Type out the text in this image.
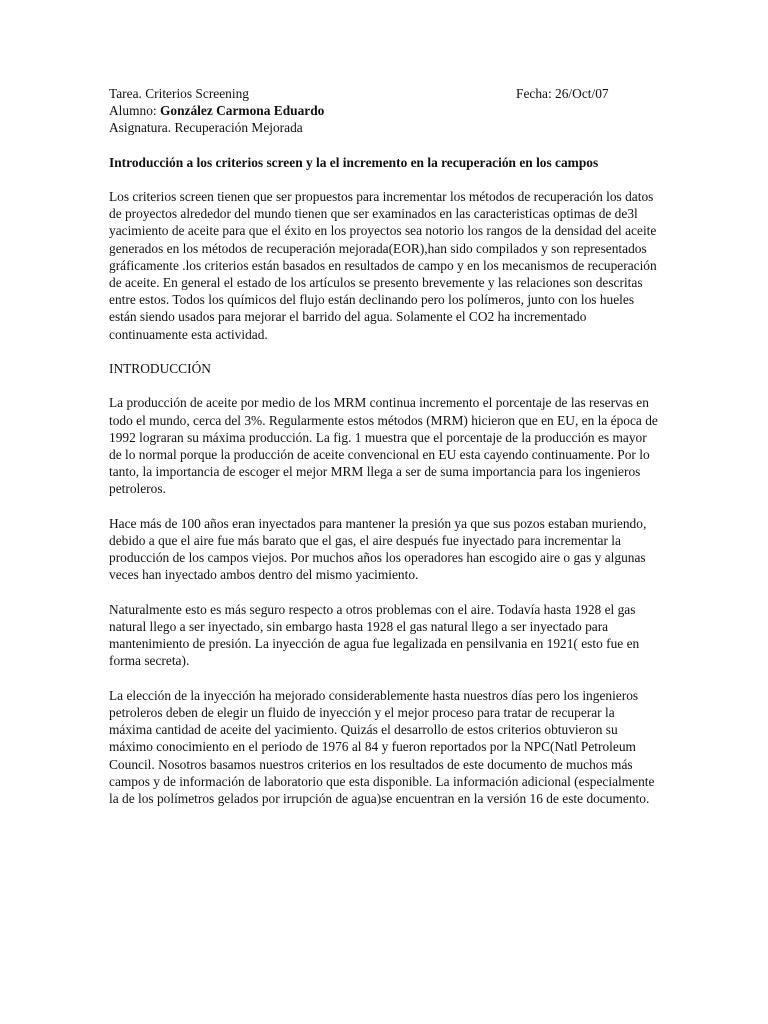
Tarea. Criterios Screening	Fecha: 26/Oct/07
Alumno: González Carmona Eduardo
Asignatura. Recuperación Mejorada

Introducción a los criterios screen y la el incremento en la recuperación en los campos

Los criterios screen tienen que ser propuestos para incrementar los métodos de recuperación los datos de proyectos alrededor del mundo tienen que ser examinados en las caracteristicas optimas de de3l yacimiento de aceite para que el éxito en los proyectos sea notorio los rangos de la densidad del aceite generados en los métodos de recuperación mejorada(EOR),han sido compilados y son representados gráficamente .los criterios están basados en resultados de campo y en los mecanismos de recuperación de aceite. En general el estado de los artículos se presento brevemente y las relaciones son descritas entre estos. Todos los químicos del flujo están declinando pero los polímeros, junto con los hueles están siendo usados para mejorar el barrido del agua. Solamente el CO2 ha incrementado continuamente esta actividad.

INTRODUCCIÓN

La producción de aceite por medio de los MRM continua incremento el porcentaje de las reservas en todo el mundo, cerca del 3%. Regularmente estos métodos (MRM) hicieron que en EU, en la época de 1992 lograran su máxima producción. La fig. 1 muestra que el porcentaje de la producción es mayor de lo normal porque la producción de aceite convencional en EU esta cayendo continuamente. Por lo tanto, la importancia de escoger el mejor MRM llega a ser de suma importancia para los ingenieros petroleros.

Hace más de 100 años eran inyectados para mantener la presión ya que sus pozos estaban muriendo, debido a que el aire fue más barato que el gas, el aire después fue inyectado para incrementar la producción de los campos viejos. Por muchos años los operadores han escogido aire o gas y algunas veces han inyectado ambos dentro del mismo yacimiento.

Naturalmente esto es más seguro respecto a otros problemas con el aire. Todavía hasta 1928 el gas natural llego a ser inyectado, sin embargo hasta 1928 el gas natural llego a ser inyectado para mantenimiento de presión. La inyección de agua fue legalizada en pensilvania en 1921( esto fue en forma secreta).

La elección de la inyección ha mejorado considerablemente hasta nuestros días pero los ingenieros petroleros deben de elegir un fluido de inyección y el mejor proceso para tratar de recuperar la máxima cantidad de aceite del yacimiento. Quizás el desarrollo de estos criterios obtuvieron su máximo conocimiento en el periodo de 1976 al 84 y fueron reportados por la NPC(Natl Petroleum Council. Nosotros basamos nuestros criterios en los resultados de este documento de muchos más campos y de información de laboratorio que esta disponible. La información adicional (especialmente la de los polímetros gelados por irrupción de agua)se encuentran en la versión 16 de este documento.
